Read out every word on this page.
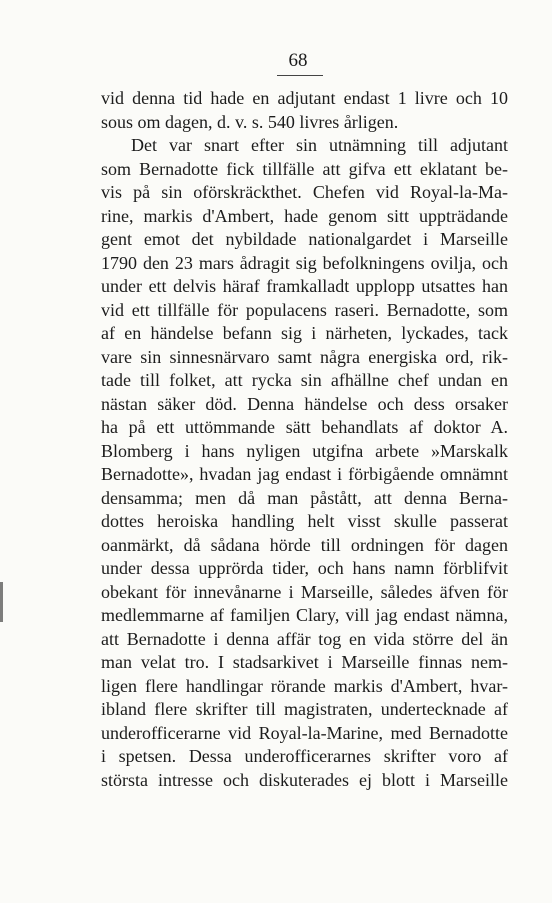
68
vid denna tid hade en adjutant endast 1 livre och 10
sous om dagen, d. v. s. 540 livres årligen.
Det var snart efter sin utnämning till adjutant
som Bernadotte fick tillfälle att gifva ett eklatant be-
vis på sin oförskräckthet. Chefen vid Royal-la-Ma-
rine, markis d'Ambert, hade genom sitt uppträdande
gent emot det nybildade nationalgardet i Marseille
1790 den 23 mars ådragit sig befolkningens ovilja, och
under ett delvis häraf framkalladt upplopp utsattes han
vid ett tillfälle för populacens raseri. Bernadotte, som
af en händelse befann sig i närheten, lyckades, tack
vare sin sinnesnärvaro samt några energiska ord, rik-
tade till folket, att rycka sin afhällne chef undan en
nästan säker död. Denna händelse och dess orsaker
ha på ett uttömmande sätt behandlats af doktor A.
Blomberg i hans nyligen utgifna arbete »Marskalk
Bernadotte», hvadan jag endast i förbigående omnämnt
densamma; men då man påstått, att denna Berna-
dottes heroiska handling helt visst skulle passerat
oanmärkt, då sådana hörde till ordningen för dagen
under dessa upprörda tider, och hans namn förblifvit
obekant för innevånarne i Marseille, således äfven för
medlemmarne af familjen Clary, vill jag endast nämna,
att Bernadotte i denna affär tog en vida större del än
man velat tro. I stadsarkivet i Marseille finnas nem-
ligen flere handlingar rörande markis d'Ambert, hvar-
ibland flere skrifter till magistraten, undertecknade af
underofficerarne vid Royal-la-Marine, med Bernadotte
i spetsen. Dessa underofficerarnes skrifter voro af
största intresse och diskuterades ej blott i Marseille
